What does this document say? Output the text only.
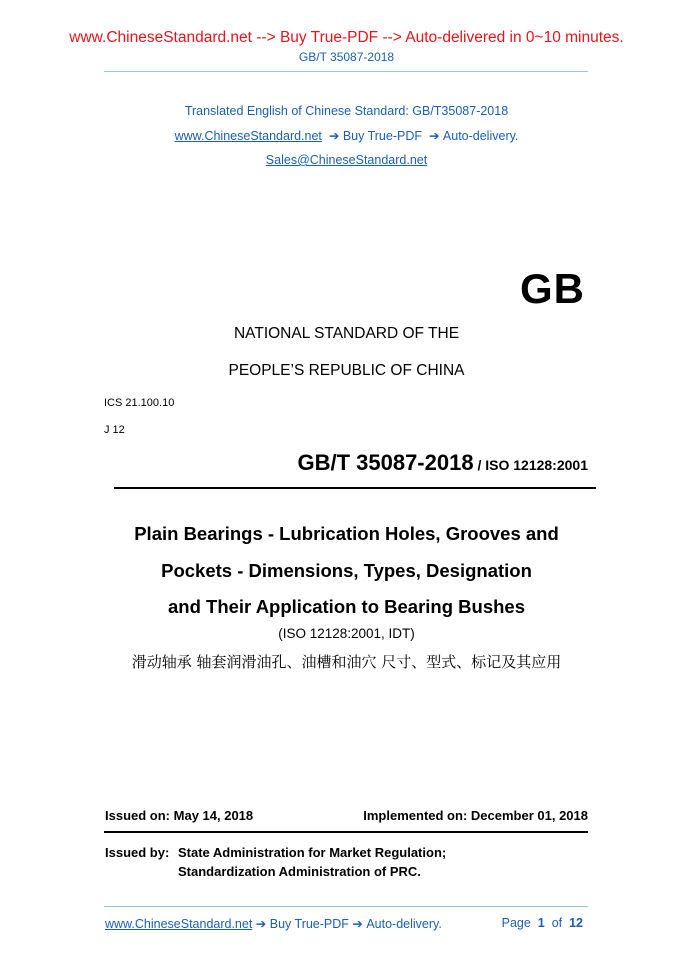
www.ChineseStandard.net --> Buy True-PDF --> Auto-delivered in 0~10 minutes.
GB/T 35087-2018
Translated English of Chinese Standard: GB/T35087-2018
www.ChineseStandard.net  ➔ Buy True-PDF  ➔ Auto-delivery.
Sales@ChineseStandard.net
GB
NATIONAL STANDARD OF THE
PEOPLE’S REPUBLIC OF CHINA
ICS 21.100.10
J 12
GB/T 35087-2018 / ISO 12128:2001
Plain Bearings - Lubrication Holes, Grooves and
Pockets - Dimensions, Types, Designation
and Their Application to Bearing Bushes
(ISO 12128:2001, IDT)
滑动轴承 轴套润滑油孔、油槽和油穴 尺寸、型式、标记及其应用
Issued on: May 14, 2018	Implemented on: December 01, 2018
Issued by: State Administration for Market Regulation;
Standardization Administration of PRC.
www.ChineseStandard.net ➔ Buy True-PDF ➔ Auto-delivery.	Page 1 of 12
